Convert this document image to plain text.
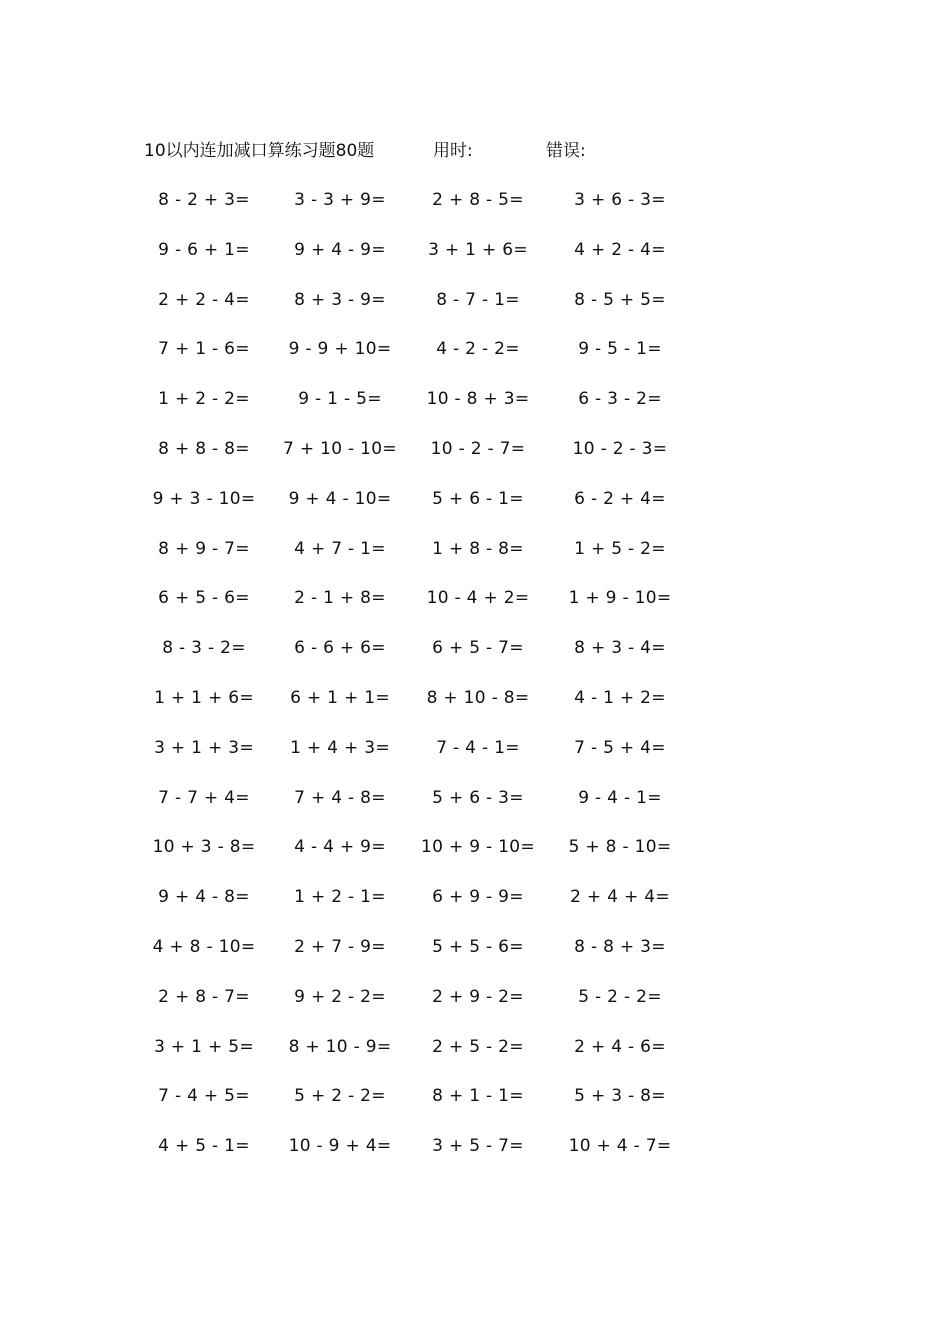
10以内连加减口算练习题80题	用时:	错误:
8 - 2 + 3=	3 - 3 + 9=	2 + 8 - 5=	3 + 6 - 3=
9 - 6 + 1=	9 + 4 - 9=	3 + 1 + 6=	4 + 2 - 4=
2 + 2 - 4=	8 + 3 - 9=	8 - 7 - 1=	8 - 5 + 5=
7 + 1 - 6=	9 - 9 + 10=	4 - 2 - 2=	9 - 5 - 1=
1 + 2 - 2=	9 - 1 - 5=	10 - 8 + 3=	6 - 3 - 2=
8 + 8 - 8=	7 + 10 - 10=	10 - 2 - 7=	10 - 2 - 3=
9 + 3 - 10=	9 + 4 - 10=	5 + 6 - 1=	6 - 2 + 4=
8 + 9 - 7=	4 + 7 - 1=	1 + 8 - 8=	1 + 5 - 2=
6 + 5 - 6=	2 - 1 + 8=	10 - 4 + 2=	1 + 9 - 10=
8 - 3 - 2=	6 - 6 + 6=	6 + 5 - 7=	8 + 3 - 4=
1 + 1 + 6=	6 + 1 + 1=	8 + 10 - 8=	4 - 1 + 2=
3 + 1 + 3=	1 + 4 + 3=	7 - 4 - 1=	7 - 5 + 4=
7 - 7 + 4=	7 + 4 - 8=	5 + 6 - 3=	9 - 4 - 1=
10 + 3 - 8=	4 - 4 + 9=	10 + 9 - 10=	5 + 8 - 10=
9 + 4 - 8=	1 + 2 - 1=	6 + 9 - 9=	2 + 4 + 4=
4 + 8 - 10=	2 + 7 - 9=	5 + 5 - 6=	8 - 8 + 3=
2 + 8 - 7=	9 + 2 - 2=	2 + 9 - 2=	5 - 2 - 2=
3 + 1 + 5=	8 + 10 - 9=	2 + 5 - 2=	2 + 4 - 6=
7 - 4 + 5=	5 + 2 - 2=	8 + 1 - 1=	5 + 3 - 8=
4 + 5 - 1=	10 - 9 + 4=	3 + 5 - 7=	10 + 4 - 7=
